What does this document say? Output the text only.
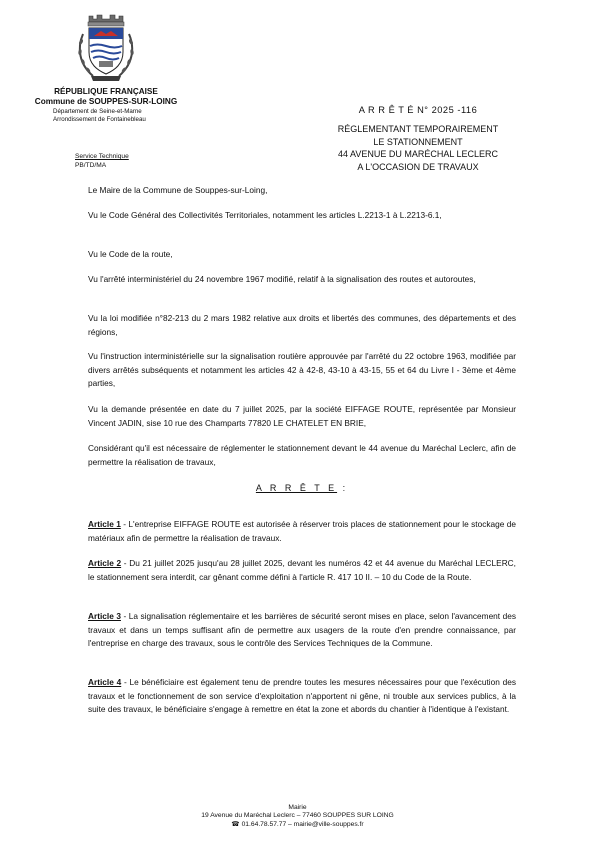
RÉPUBLIQUE FRANÇAISE
Commune de SOUPPES-SUR-LOING
Département de Seine-et-Marne
Arrondissement de Fontainebleau
A R R Ê T É N° 2025 -116
RÉGLEMENTANT TEMPORAIREMENT
LE STATIONNEMENT
44 AVENUE DU MARÉCHAL LECLERC
A L'OCCASION DE TRAVAUX
Service Technique
PB/TD/MA
Le Maire de la Commune de Souppes-sur-Loing,
Vu le Code Général des Collectivités Territoriales, notamment les articles L.2213-1 à L.2213-6.1,
Vu le Code de la route,
Vu l'arrêté interministériel du 24 novembre 1967 modifié, relatif à la signalisation des routes et autoroutes,
Vu la loi modifiée n°82-213 du 2 mars 1982 relative aux droits et libertés des communes, des départements et des régions,
Vu l'instruction interministérielle sur la signalisation routière approuvée par l'arrêté du 22 octobre 1963, modifiée par divers arrêtés subséquents et notamment les articles 42 à 42-8, 43-10 à 43-15, 55 et 64 du Livre I - 3ème et 4ème parties,
Vu la demande présentée en date du 7 juillet 2025, par la société EIFFAGE ROUTE, représentée par Monsieur Vincent JADIN, sise 10 rue des Champarts 77820 LE CHATELET EN BRIE,
Considérant qu'il est nécessaire de réglementer le stationnement devant le 44 avenue du Maréchal Leclerc, afin de permettre la réalisation de travaux,
A R R Ê T E :
Article 1 - L'entreprise EIFFAGE ROUTE est autorisée à réserver trois places de stationnement pour le stockage de matériaux afin de permettre la réalisation de travaux.
Article 2 - Du 21 juillet 2025 jusqu'au 28 juillet 2025, devant les numéros 42 et 44 avenue du Maréchal LECLERC, le stationnement sera interdit, car gênant comme défini à l'article R. 417 10 II. – 10 du Code de la Route.
Article 3 - La signalisation réglementaire et les barrières de sécurité seront mises en place, selon l'avancement des travaux et dans un temps suffisant afin de permettre aux usagers de la route d'en prendre connaissance, par l'entreprise en charge des travaux, sous le contrôle des Services Techniques de la Commune.
Article 4 - Le bénéficiaire est également tenu de prendre toutes les mesures nécessaires pour que l'exécution des travaux et le fonctionnement de son service d'exploitation n'apportent ni gêne, ni trouble aux services publics, à la suite des travaux, le bénéficiaire s'engage à remettre en état la zone et abords du chantier à l'identique à l'existant.
Mairie
19 Avenue du Maréchal Leclerc – 77460 SOUPPES SUR LOING
☎ 01.64.78.57.77 – mairie@ville-souppes.fr
